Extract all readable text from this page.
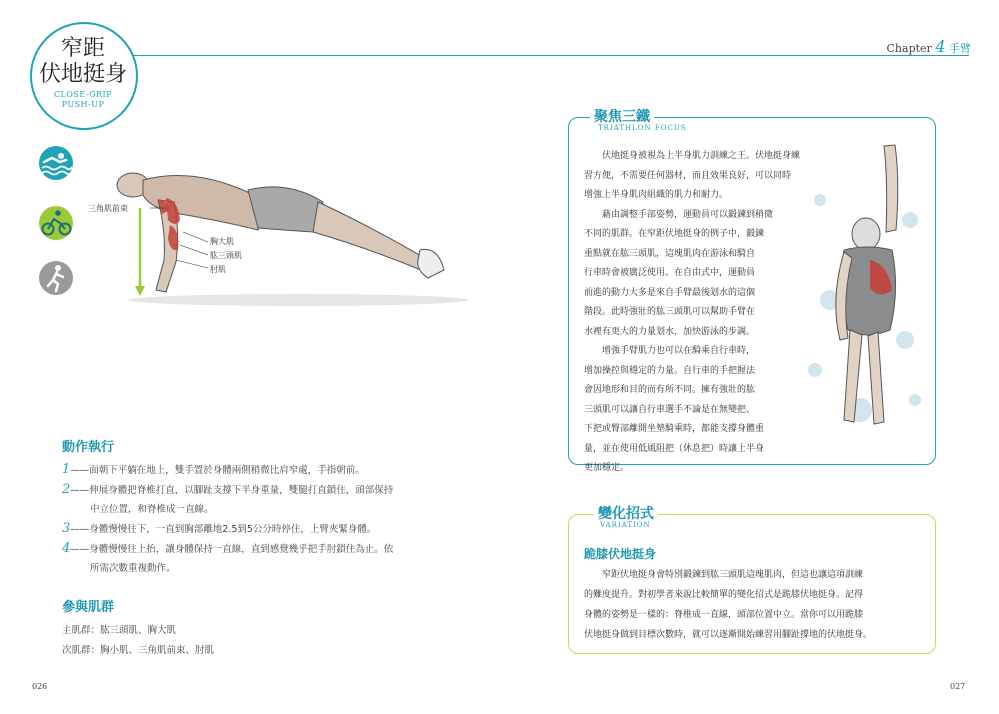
窄距
伏地挺身
CLOSE-GRIP
PUSH-UP
Chapter 4 手臂
三角肌前束
胸大肌
肱三頭肌
肘肌
動作執行
1——面朝下平躺在地上，雙手置於身體兩側稍微比肩窄處，手指朝前。
2——伸展身體把脊椎打直，以腳趾支撐下半身重量，雙腿打直鎖住，頭部保持
中立位置，和脊椎成一直線。
3——身體慢慢往下，一直到胸部離地2.5到5公分時停住，上臂夾緊身體。
4——身體慢慢往上抬，讓身體保持一直線，直到感覺幾乎把手肘鎖住為止。依
所需次數重複動作。
參與肌群
主肌群：肱三頭肌、胸大肌
次肌群：胸小肌、三角肌前束、肘肌
聚焦三鐵
TRIATHLON FOCUS

伏地挺身被視為上半身肌力訓練之王。伏地挺身練

習方便，不需要任何器材，而且效果良好，可以同時

增強上半身肌肉組織的肌力和耐力。

藉由調整手部姿勢，運動員可以鍛鍊到稍微

不同的肌群。在窄距伏地挺身的例子中，鍛鍊

重點就在肱三頭肌，這塊肌肉在游泳和騎自

行車時會被廣泛使用。在自由式中，運動員

前進的動力大多是來自手臂最後划水的這個

階段。此時強壯的肱三頭肌可以幫助手臂在

水裡有更大的力量划水，加快游泳的步調。

增強手臂肌力也可以在騎乘自行車時，

增加操控與穩定的力量。自行車的手把握法

會因地形和目的而有所不同。擁有強壯的肱

三頭肌可以讓自行車選手不論是在無變把、

下把或臀部離開坐墊騎乘時，都能支撐身體重

量，並在使用低風阻把（休息把）時讓上半身

更加穩定。

變化招式
VARIATION
跪膝伏地挺身

窄距伏地挺身會特別鍛鍊到肱三頭肌這塊肌肉，但這也讓這項訓練

的難度提升。對初學者來說比較簡單的變化招式是跪膝伏地挺身。記得

身體的姿勢是一樣的：脊椎成一直線，頭部位置中立。當你可以用跪膝

伏地挺身做到目標次數時，就可以逐漸開始練習用腳趾撐地的伏地挺身。

026	027
